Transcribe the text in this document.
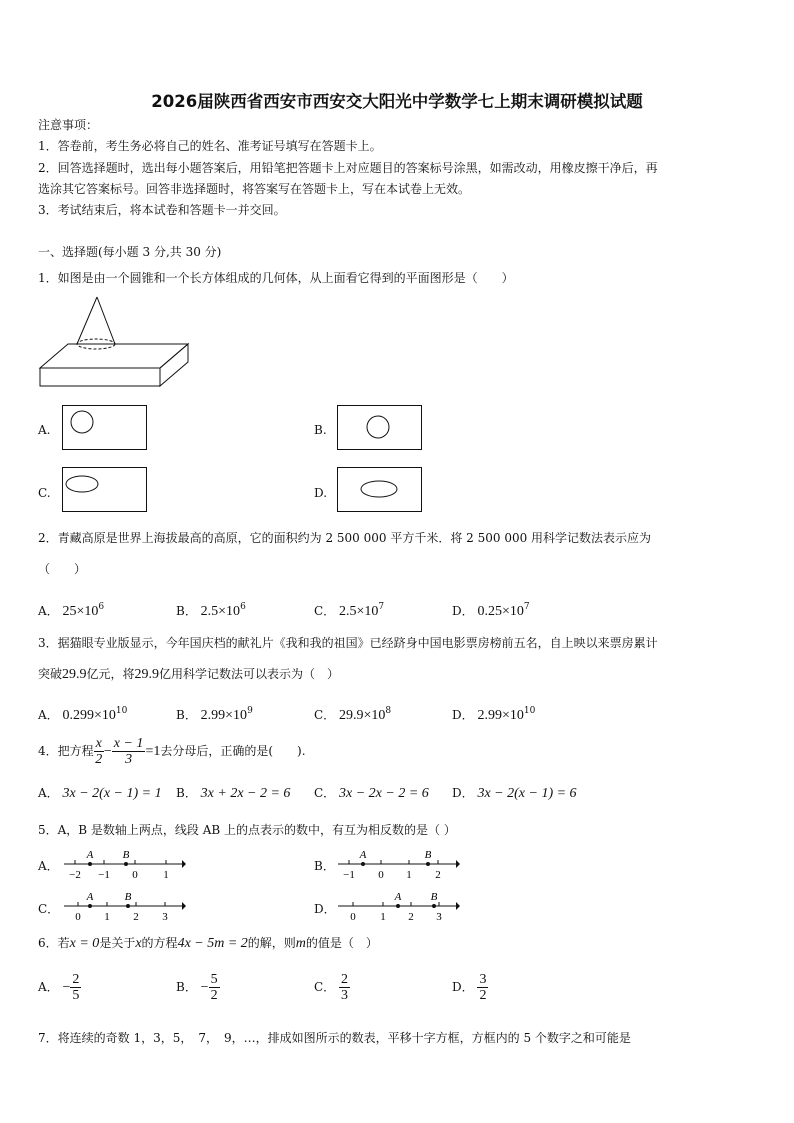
2026届陕西省西安市西安交大阳光中学数学七上期末调研模拟试题
注意事项：
1．答卷前，考生务必将自己的姓名、准考证号填写在答题卡上。
2．回答选择题时，选出每小题答案后，用铅笔把答题卡上对应题目的答案标号涂黑，如需改动，用橡皮擦干净后，再
选涂其它答案标号。回答非选择题时，将答案写在答题卡上，写在本试卷上无效。
3．考试结束后，将本试卷和答题卡一并交回。
一、选择题(每小题 3 分,共 30 分)
1．如图是由一个圆锥和一个长方体组成的几何体，从上面看它得到的平面图形是（　　）
A.	B.
C.	D.
2．青藏高原是世界上海拔最高的高原，它的面积约为 2 500 000 平方千米．将 2 500 000 用科学记数法表示应为
（　　）
A． $25\times 10^6$	B． $2.5\times 10^6$	C． $2.5\times 10^7$	D． $0.25\times 10^7$
3．据猫眼专业版显示，今年国庆档的献礼片《我和我的祖国》已经跻身中国电影票房榜前五名，自上映以来票房累计
突破29.9亿元，将29.9亿用科学记数法可以表示为（　）
A． $0.299\times 10^{10}$	B． $2.99\times 10^9$	C． $29.9\times 10^8$	D． $2.99\times 10^{10}$
4．把方程 $\frac{x}{2} - \frac{x - 1}{3} =1$去分母后，正确的是(　　).
A． 3x − 2(x − 1) = 1 B． 3x + 2x − 2 = 6 C． 3x − 2x − 2 = 6 D． 3x − 2(x − 1) = 6
5．A，B 是数轴上两点，线段 AB 上的点表示的数中，有互为相反数的是（ ）
A．
A	B
−2 −1 0 1
B．
A	B
−1 0 1 2
C．
A	B
0 1 2 3
D．
A	B
0 1 2 3
6．若x = 0是关于x的方程4x − 5m = 2的解，则m的值是（　）
A． − $\frac{2}{5}$	B． − $\frac{5}{2}$	C． $\frac{2}{3}$	D． $\frac{3}{2}$
7．将连续的奇数 1，3，5，　7，　9，…，排成如图所示的数表，平移十字方框，方框内的 5 个数字之和可能是
